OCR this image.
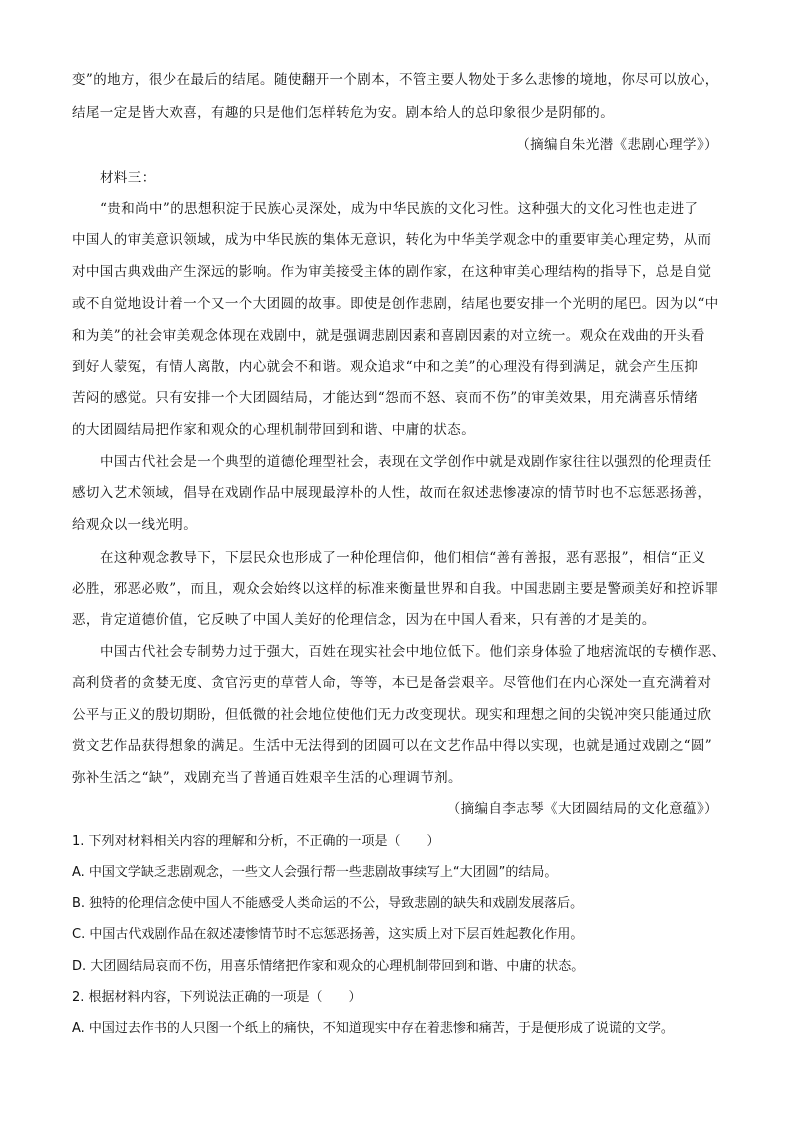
变”的地方，很少在最后的结尾。随使翻开一个剧本，不管主要人物处于多么悲惨的境地，你尽可以放心，
结尾一定是皆大欢喜，有趣的只是他们怎样转危为安。剧本给人的总印象很少是阴郁的。
（摘编自朱光潜《悲剧心理学》）
材料三：
“贵和尚中”的思想积淀于民族心灵深处，成为中华民族的文化习性。这种强大的文化习性也走进了
中国人的审美意识领域，成为中华民族的集体无意识，转化为中华美学观念中的重要审美心理定势，从而
对中国古典戏曲产生深远的影响。作为审美接受主体的剧作家，在这种审美心理结构的指导下，总是自觉
或不自觉地设计着一个又一个大团圆的故事。即使是创作悲剧，结尾也要安排一个光明的尾巴。因为以“中
和为美”的社会审美观念体现在戏剧中，就是强调悲剧因素和喜剧因素的对立统一。观众在戏曲的开头看
到好人蒙冤，有情人离散，内心就会不和谐。观众追求“中和之美”的心理没有得到满足，就会产生压抑
苦闷的感觉。只有安排一个大团圆结局，才能达到“怨而不怒、哀而不伤”的审美效果，用充满喜乐情绪
的大团圆结局把作家和观众的心理机制带回到和谐、中庸的状态。
中国古代社会是一个典型的道德伦理型社会，表现在文学创作中就是戏剧作家往往以强烈的伦理责任
感切入艺术领域，倡导在戏剧作品中展现最淳朴的人性，故而在叙述悲惨凄凉的情节时也不忘惩恶扬善，
给观众以一线光明。
在这种观念教导下，下层民众也形成了一种伦理信仰，他们相信“善有善报，恶有恶报”，相信“正义
必胜，邪恶必败”，而且，观众会始终以这样的标准来衡量世界和自我。中国悲剧主要是警顽美好和控诉罪
恶，肯定道德价值，它反映了中国人美好的伦理信念，因为在中国人看来，只有善的才是美的。
中国古代社会专制势力过于强大，百姓在现实社会中地位低下。他们亲身体验了地痞流氓的专横作恶、
高利贷者的贪婪无度、贪官污吏的草菅人命，等等，本已是备尝艰辛。尽管他们在内心深处一直充满着对
公平与正义的殷切期盼，但低微的社会地位使他们无力改变现状。现实和理想之间的尖锐冲突只能通过欣
赏文艺作品获得想象的满足。生活中无法得到的团圆可以在文艺作品中得以实现，也就是通过戏剧之“圆”
弥补生活之“缺”，戏剧充当了普通百姓艰辛生活的心理调节剂。
（摘编自李志琴《大团圆结局的文化意蕴》）
1. 下列对材料相关内容的理解和分析，不正确的一项是（　　）
A. 中国文学缺乏悲剧观念，一些文人会强行帮一些悲剧故事续写上“大团圆”的结局。
B. 独特的伦理信念使中国人不能感受人类命运的不公，导致悲剧的缺失和戏剧发展落后。
C. 中国古代戏剧作品在叙述凄惨情节时不忘惩恶扬善，这实质上对下层百姓起教化作用。
D. 大团圆结局哀而不伤，用喜乐情绪把作家和观众的心理机制带回到和谐、中庸的状态。
2. 根据材料内容，下列说法正确的一项是（　　）
A. 中国过去作书的人只图一个纸上的痛快，不知道现实中存在着悲惨和痛苦，于是便形成了说谎的文学。
